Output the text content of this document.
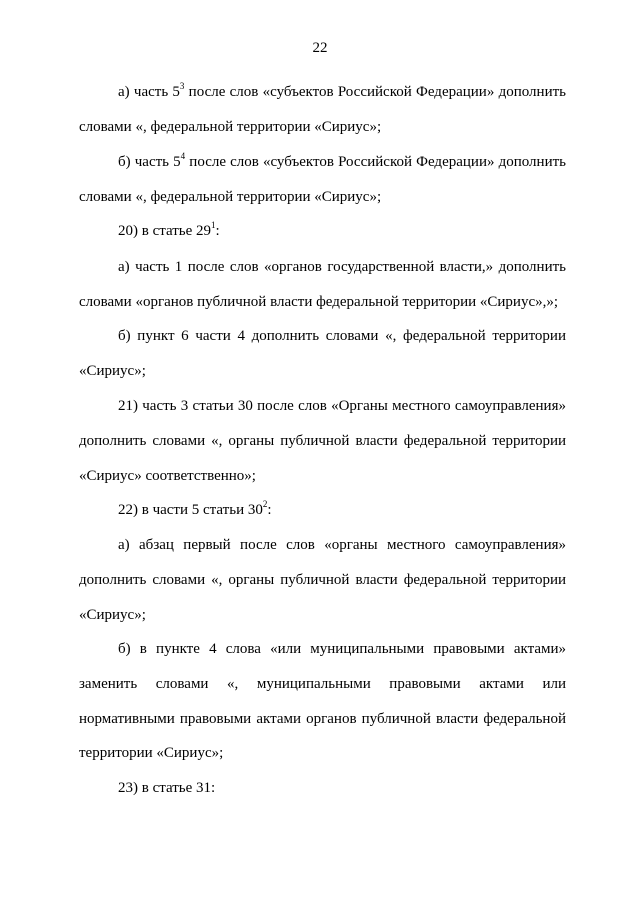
22

а) часть $5^3$ после слов «субъектов Российской Федерации» дополнить словами «, федеральной территории «Сириус»;

б) часть $5^4$ после слов «субъектов Российской Федерации» дополнить словами «, федеральной территории «Сириус»;

20) в статье $29^1$:

а) часть 1 после слов «органов государственной власти,» дополнить словами «органов публичной власти федеральной территории «Сириус»,»;

б) пункт 6 части 4 дополнить словами «, федеральной территории «Сириус»;

21) часть 3 статьи 30 после слов «Органы местного самоуправления» дополнить словами «, органы публичной власти федеральной территории «Сириус» соответственно»;

22) в части 5 статьи $30^2$:

а) абзац первый после слов «органы местного самоуправления» дополнить словами «, органы публичной власти федеральной территории «Сириус»;

б) в пункте 4 слова «или муниципальными правовыми актами» заменить словами «, муниципальными правовыми актами или нормативными правовыми актами органов публичной власти федеральной территории «Сириус»;

23) в статье 31:
